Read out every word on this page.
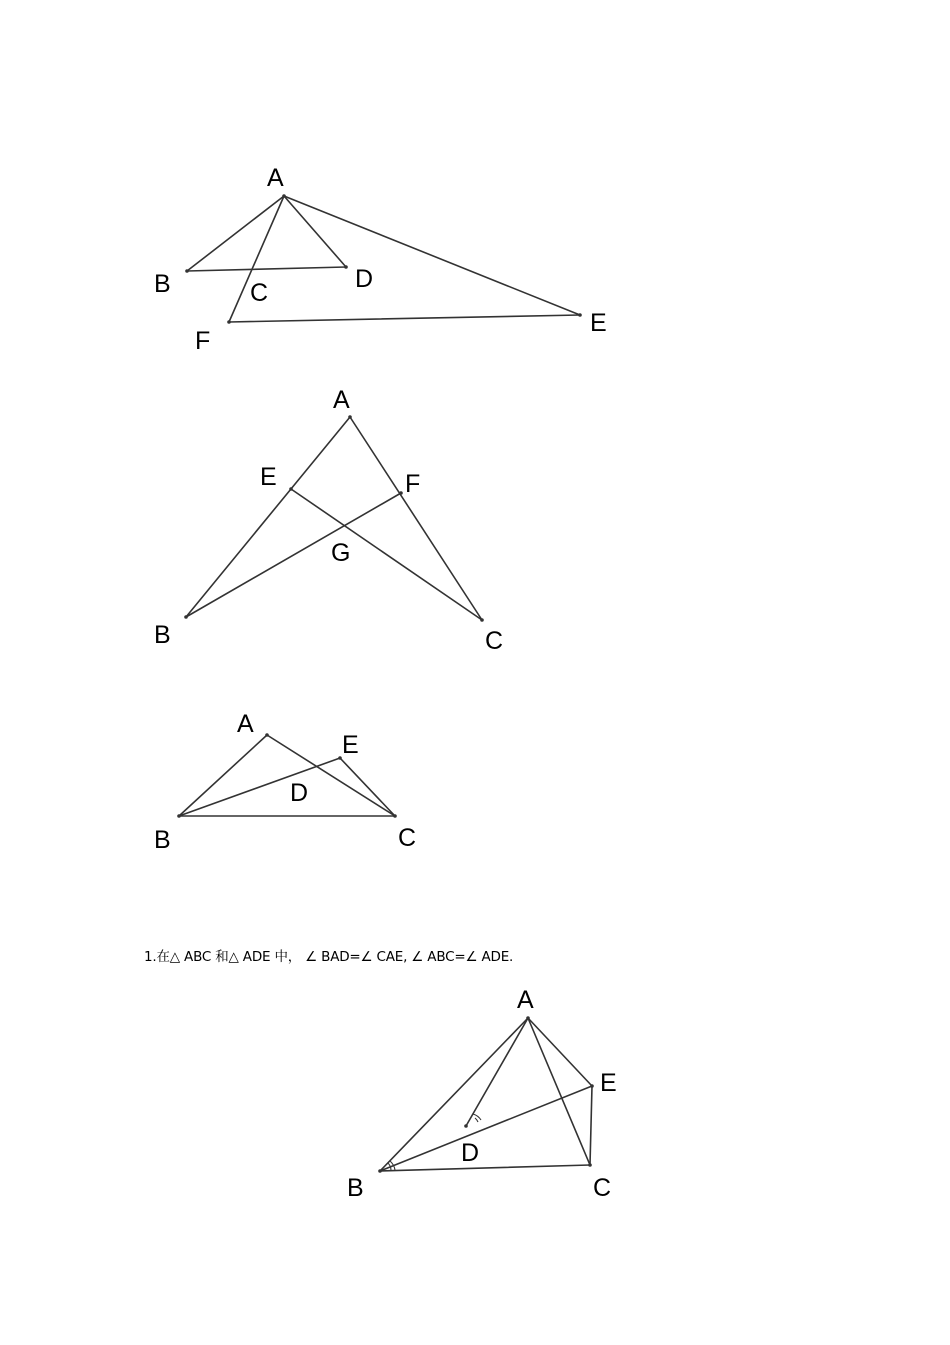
A
B	C	D
E
F
A
B	C
E	F
G
A
B	C
D
E
1.在△ ABC 和△ ADE 中， ∠ BAD=∠ CAE, ∠ ABC=∠ ADE.
A
B	C
D
E
